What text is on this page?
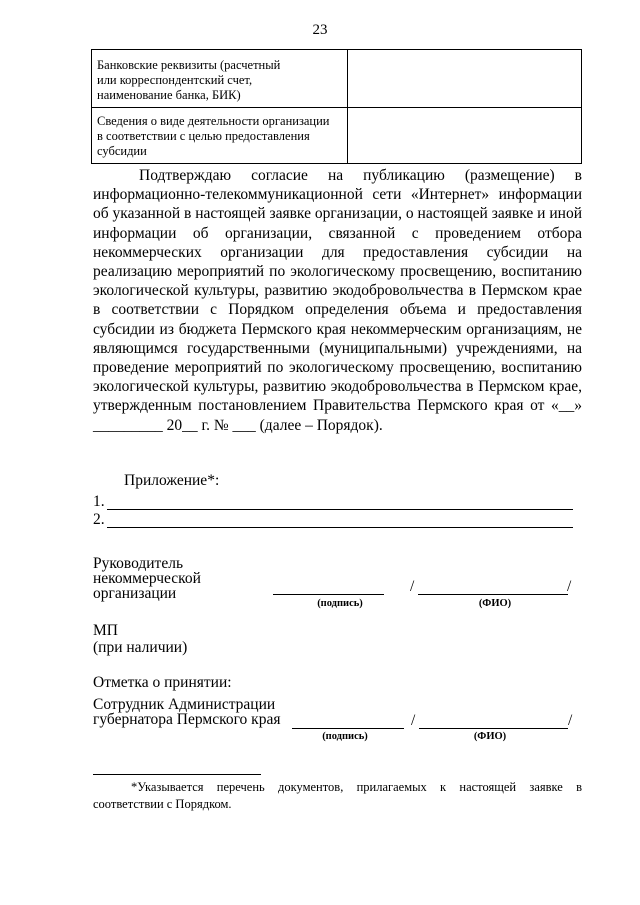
23
Банковские реквизиты (расчетный
или корреспондентский счет,
наименование банка, БИК)	
Сведения о виде деятельности организации
в соответствии с целью предоставления
субсидии	

Подтверждаю согласие на публикацию (размещение) в информационно-телекоммуникационной сети «Интернет» информации об указанной в настоящей заявке организации, о настоящей заявке и иной информации об организации, связанной с проведением отбора некоммерческих организации для предоставления субсидии на реализацию мероприятий по экологическому просвещению, воспитанию экологической культуры, развитию экодобровольчества в Пермском крае в соответствии с Порядком определения объема и предоставления субсидии из бюджета Пермского края некоммерческим организациям, не являющимся государственными (муниципальными) учреждениями, на проведение мероприятий по экологическому просвещению, воспитанию экологической культуры, развитию экодобровольчества в Пермском крае, утвержденным постановлением Правительства Пермского края от «__» _________ 20__ г. № ___ (далее – Порядок).

Приложение*:
1.
2.
Руководитель
некоммерческой
организации	/	/
(подпись)	(ФИО)
МП
(при наличии)
Отметка о принятии:
Сотрудник Администрации
губернатора Пермского края	/	/
(подпись)	(ФИО)

*Указывается перечень документов, прилагаемых к настоящей заявке в соответствии с Порядком.
